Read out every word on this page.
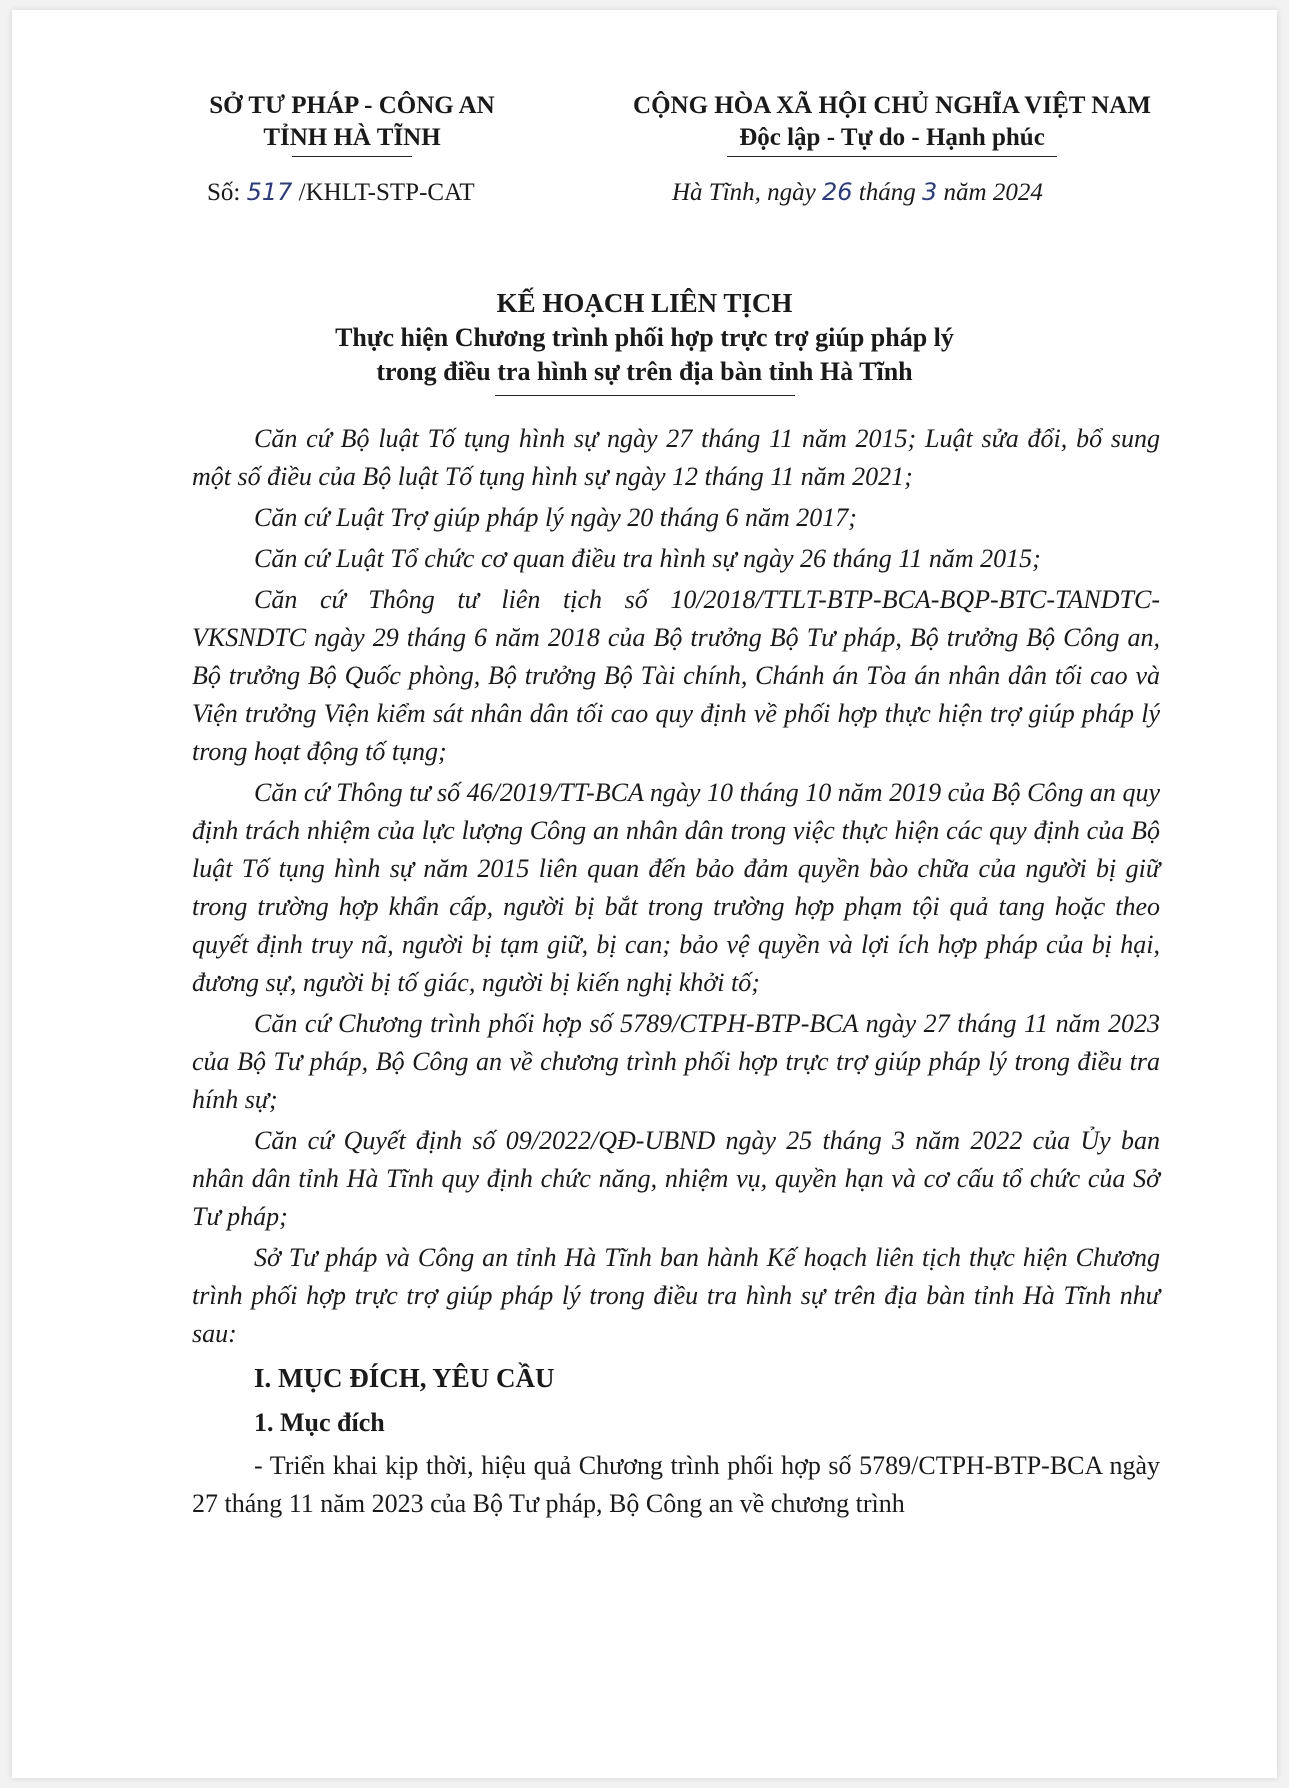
SỞ TƯ PHÁP - CÔNG AN
TỈNH HÀ TĨNH
CỘNG HÒA XÃ HỘI CHỦ NGHĨA VIỆT NAM
Độc lập - Tự do - Hạnh phúc
Số: 517 /KHLT-STP-CAT	Hà Tĩnh, ngày 26 tháng 3 năm 2024
KẾ HOẠCH LIÊN TỊCH
Thực hiện Chương trình phối hợp trực trợ giúp pháp lý
trong điều tra hình sự trên địa bàn tỉnh Hà Tĩnh

Căn cứ Bộ luật Tố tụng hình sự ngày 27 tháng 11 năm 2015; Luật sửa đổi, bổ sung một số điều của Bộ luật Tố tụng hình sự ngày 12 tháng 11 năm 2021;

Căn cứ Luật Trợ giúp pháp lý ngày 20 tháng 6 năm 2017;

Căn cứ Luật Tổ chức cơ quan điều tra hình sự ngày 26 tháng 11 năm 2015;

Căn cứ Thông tư liên tịch số 10/2018/TTLT-BTP-BCA-BQP-BTC-TANDTC-VKSNDTC ngày 29 tháng 6 năm 2018 của Bộ trưởng Bộ Tư pháp, Bộ trưởng Bộ Công an, Bộ trưởng Bộ Quốc phòng, Bộ trưởng Bộ Tài chính, Chánh án Tòa án nhân dân tối cao và Viện trưởng Viện kiểm sát nhân dân tối cao quy định về phối hợp thực hiện trợ giúp pháp lý trong hoạt động tố tụng;

Căn cứ Thông tư số 46/2019/TT-BCA ngày 10 tháng 10 năm 2019 của Bộ Công an quy định trách nhiệm của lực lượng Công an nhân dân trong việc thực hiện các quy định của Bộ luật Tố tụng hình sự năm 2015 liên quan đến bảo đảm quyền bào chữa của người bị giữ trong trường hợp khẩn cấp, người bị bắt trong trường hợp phạm tội quả tang hoặc theo quyết định truy nã, người bị tạm giữ, bị can; bảo vệ quyền và lợi ích hợp pháp của bị hại, đương sự, người bị tố giác, người bị kiến nghị khởi tố;

Căn cứ Chương trình phối hợp số 5789/CTPH-BTP-BCA ngày 27 tháng 11 năm 2023 của Bộ Tư pháp, Bộ Công an về chương trình phối hợp trực trợ giúp pháp lý trong điều tra hính sự;

Căn cứ Quyết định số 09/2022/QĐ-UBND ngày 25 tháng 3 năm 2022 của Ủy ban nhân dân tỉnh Hà Tĩnh quy định chức năng, nhiệm vụ, quyền hạn và cơ cấu tổ chức của Sở Tư pháp;

Sở Tư pháp và Công an tỉnh Hà Tĩnh ban hành Kế hoạch liên tịch thực hiện Chương trình phối hợp trực trợ giúp pháp lý trong điều tra hình sự trên địa bàn tỉnh Hà Tĩnh như sau:

I. MỤC ĐÍCH, YÊU CẦU
1. Mục đích

- Triển khai kịp thời, hiệu quả Chương trình phối hợp số 5789/CTPH-BTP-BCA ngày 27 tháng 11 năm 2023 của Bộ Tư pháp, Bộ Công an về chương trình
